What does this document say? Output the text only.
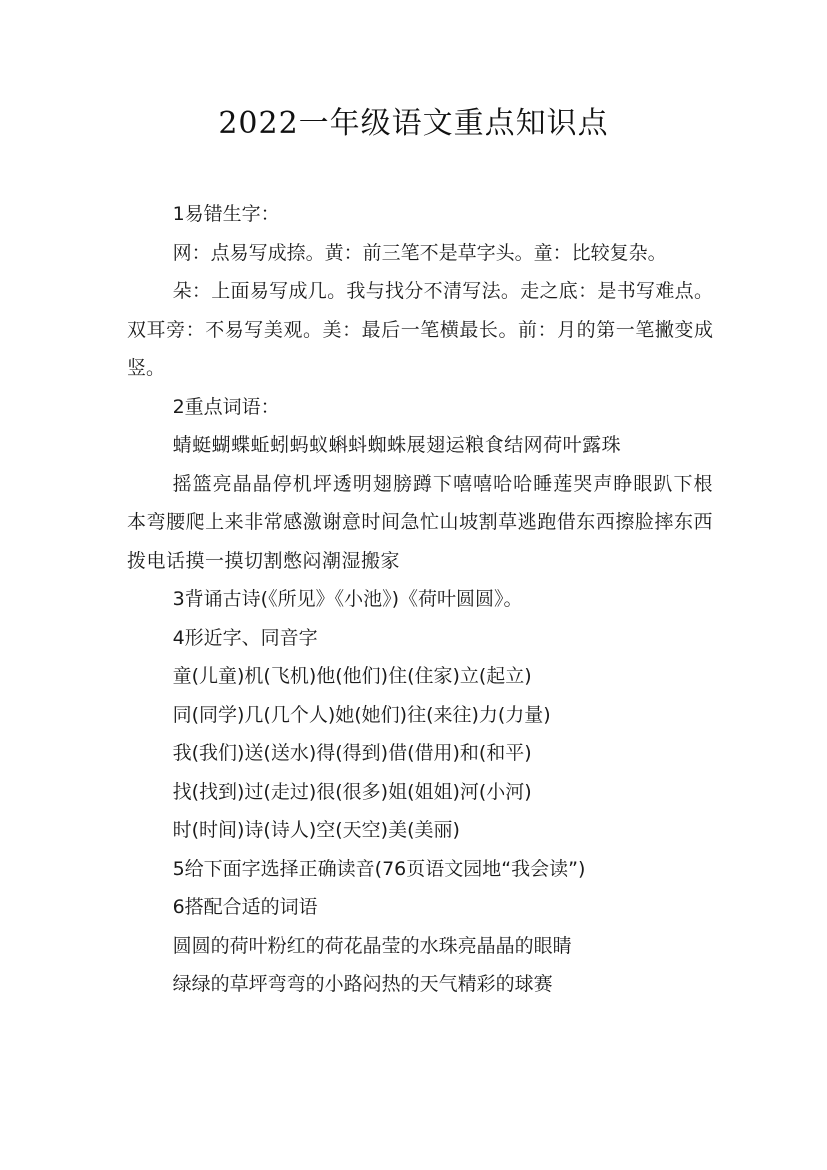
2022一年级语文重点知识点

1易错生字：

网：点易写成捺。黄：前三笔不是草字头。童：比较复杂。

朵：上面易写成几。我与找分不清写法。走之底：是书写难点。双耳旁：不易写美观。美：最后一笔横最长。前：月的第一笔撇变成竖。

2重点词语：

蜻蜓蝴蝶蚯蚓蚂蚁蝌蚪蜘蛛展翅运粮食结网荷叶露珠

摇篮亮晶晶停机坪透明翅膀蹲下嘻嘻哈哈睡莲哭声睁眼趴下根本弯腰爬上来非常感激谢意时间急忙山坡割草逃跑借东西擦脸摔东西拨电话摸一摸切割憋闷潮湿搬家

3背诵古诗(《所见》《小池》)《荷叶圆圆》。

4形近字、同音字

童(儿童)机(飞机)他(他们)住(住家)立(起立)

同(同学)几(几个人)她(她们)往(来往)力(力量)

我(我们)送(送水)得(得到)借(借用)和(和平)

找(找到)过(走过)很(很多)姐(姐姐)河(小河)

时(时间)诗(诗人)空(天空)美(美丽)

5给下面字选择正确读音(76页语文园地“我会读”)

6搭配合适的词语

圆圆的荷叶粉红的荷花晶莹的水珠亮晶晶的眼睛

绿绿的草坪弯弯的小路闷热的天气精彩的球赛
